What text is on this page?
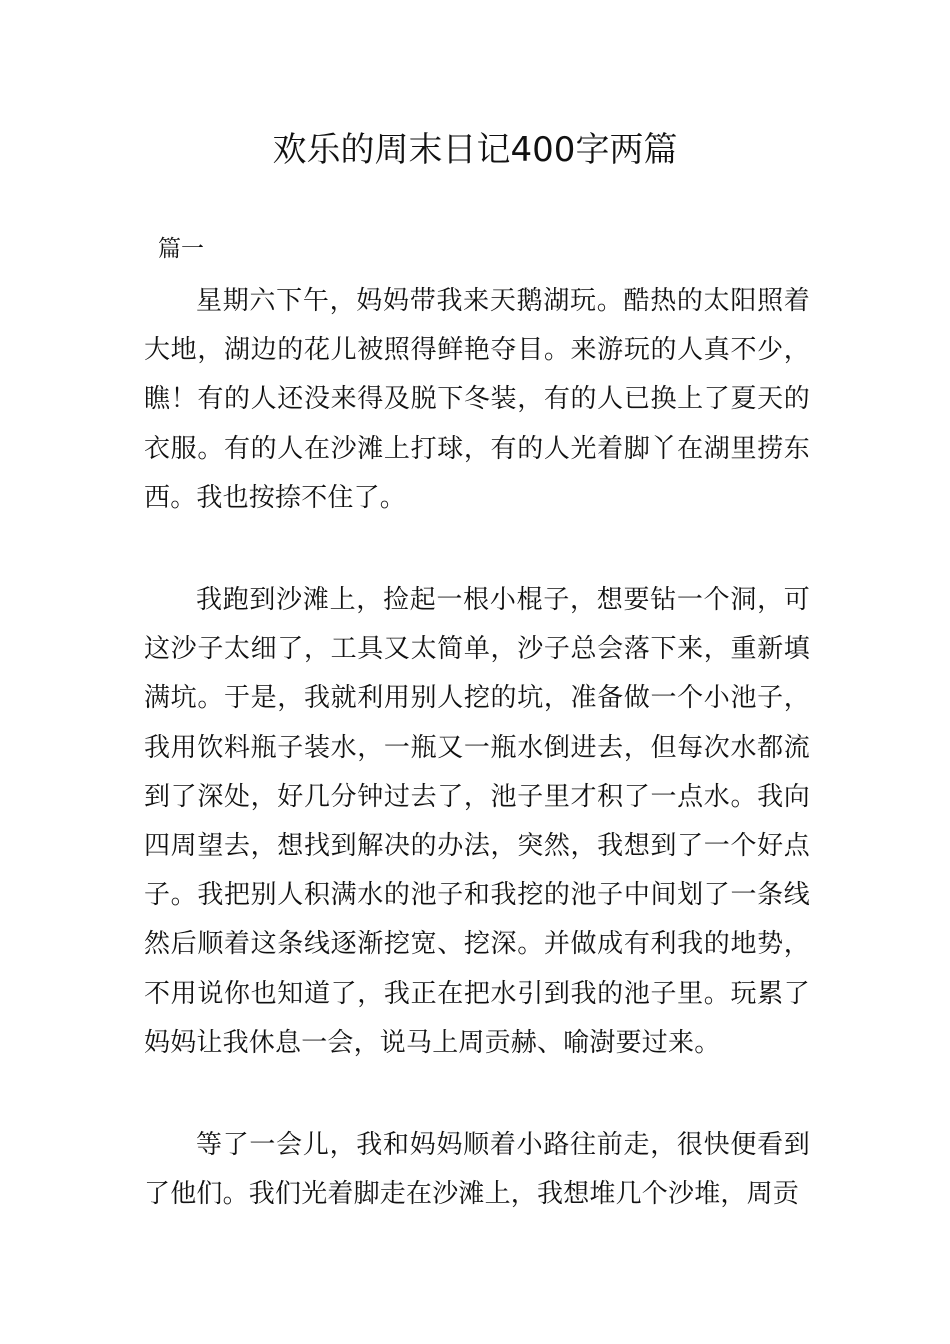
欢乐的周末日记400字两篇
篇一

星期六下午，妈妈带我来天鹅湖玩。酷热的太阳照着大地，湖边的花儿被照得鲜艳夺目。来游玩的人真不少，瞧！有的人还没来得及脱下冬装，有的人已换上了夏天的衣服。有的人在沙滩上打球，有的人光着脚丫在湖里捞东西。我也按捺不住了。

我跑到沙滩上，捡起一根小棍子，想要钻一个洞，可这沙子太细了，工具又太简单，沙子总会落下来，重新填满坑。于是，我就利用别人挖的坑，准备做一个小池子，我用饮料瓶子装水，一瓶又一瓶水倒进去，但每次水都流到了深处，好几分钟过去了，池子里才积了一点水。我向四周望去，想找到解决的办法，突然，我想到了一个好点子。我把别人积满水的池子和我挖的池子中间划了一条线然后顺着这条线逐渐挖宽、挖深。并做成有利我的地势，不用说你也知道了，我正在把水引到我的池子里。玩累了妈妈让我休息一会，说马上周贡赫、喻澍要过来。

等了一会儿，我和妈妈顺着小路往前走，很快便看到了他们。我们光着脚走在沙滩上，我想堆几个沙堆，周贡
